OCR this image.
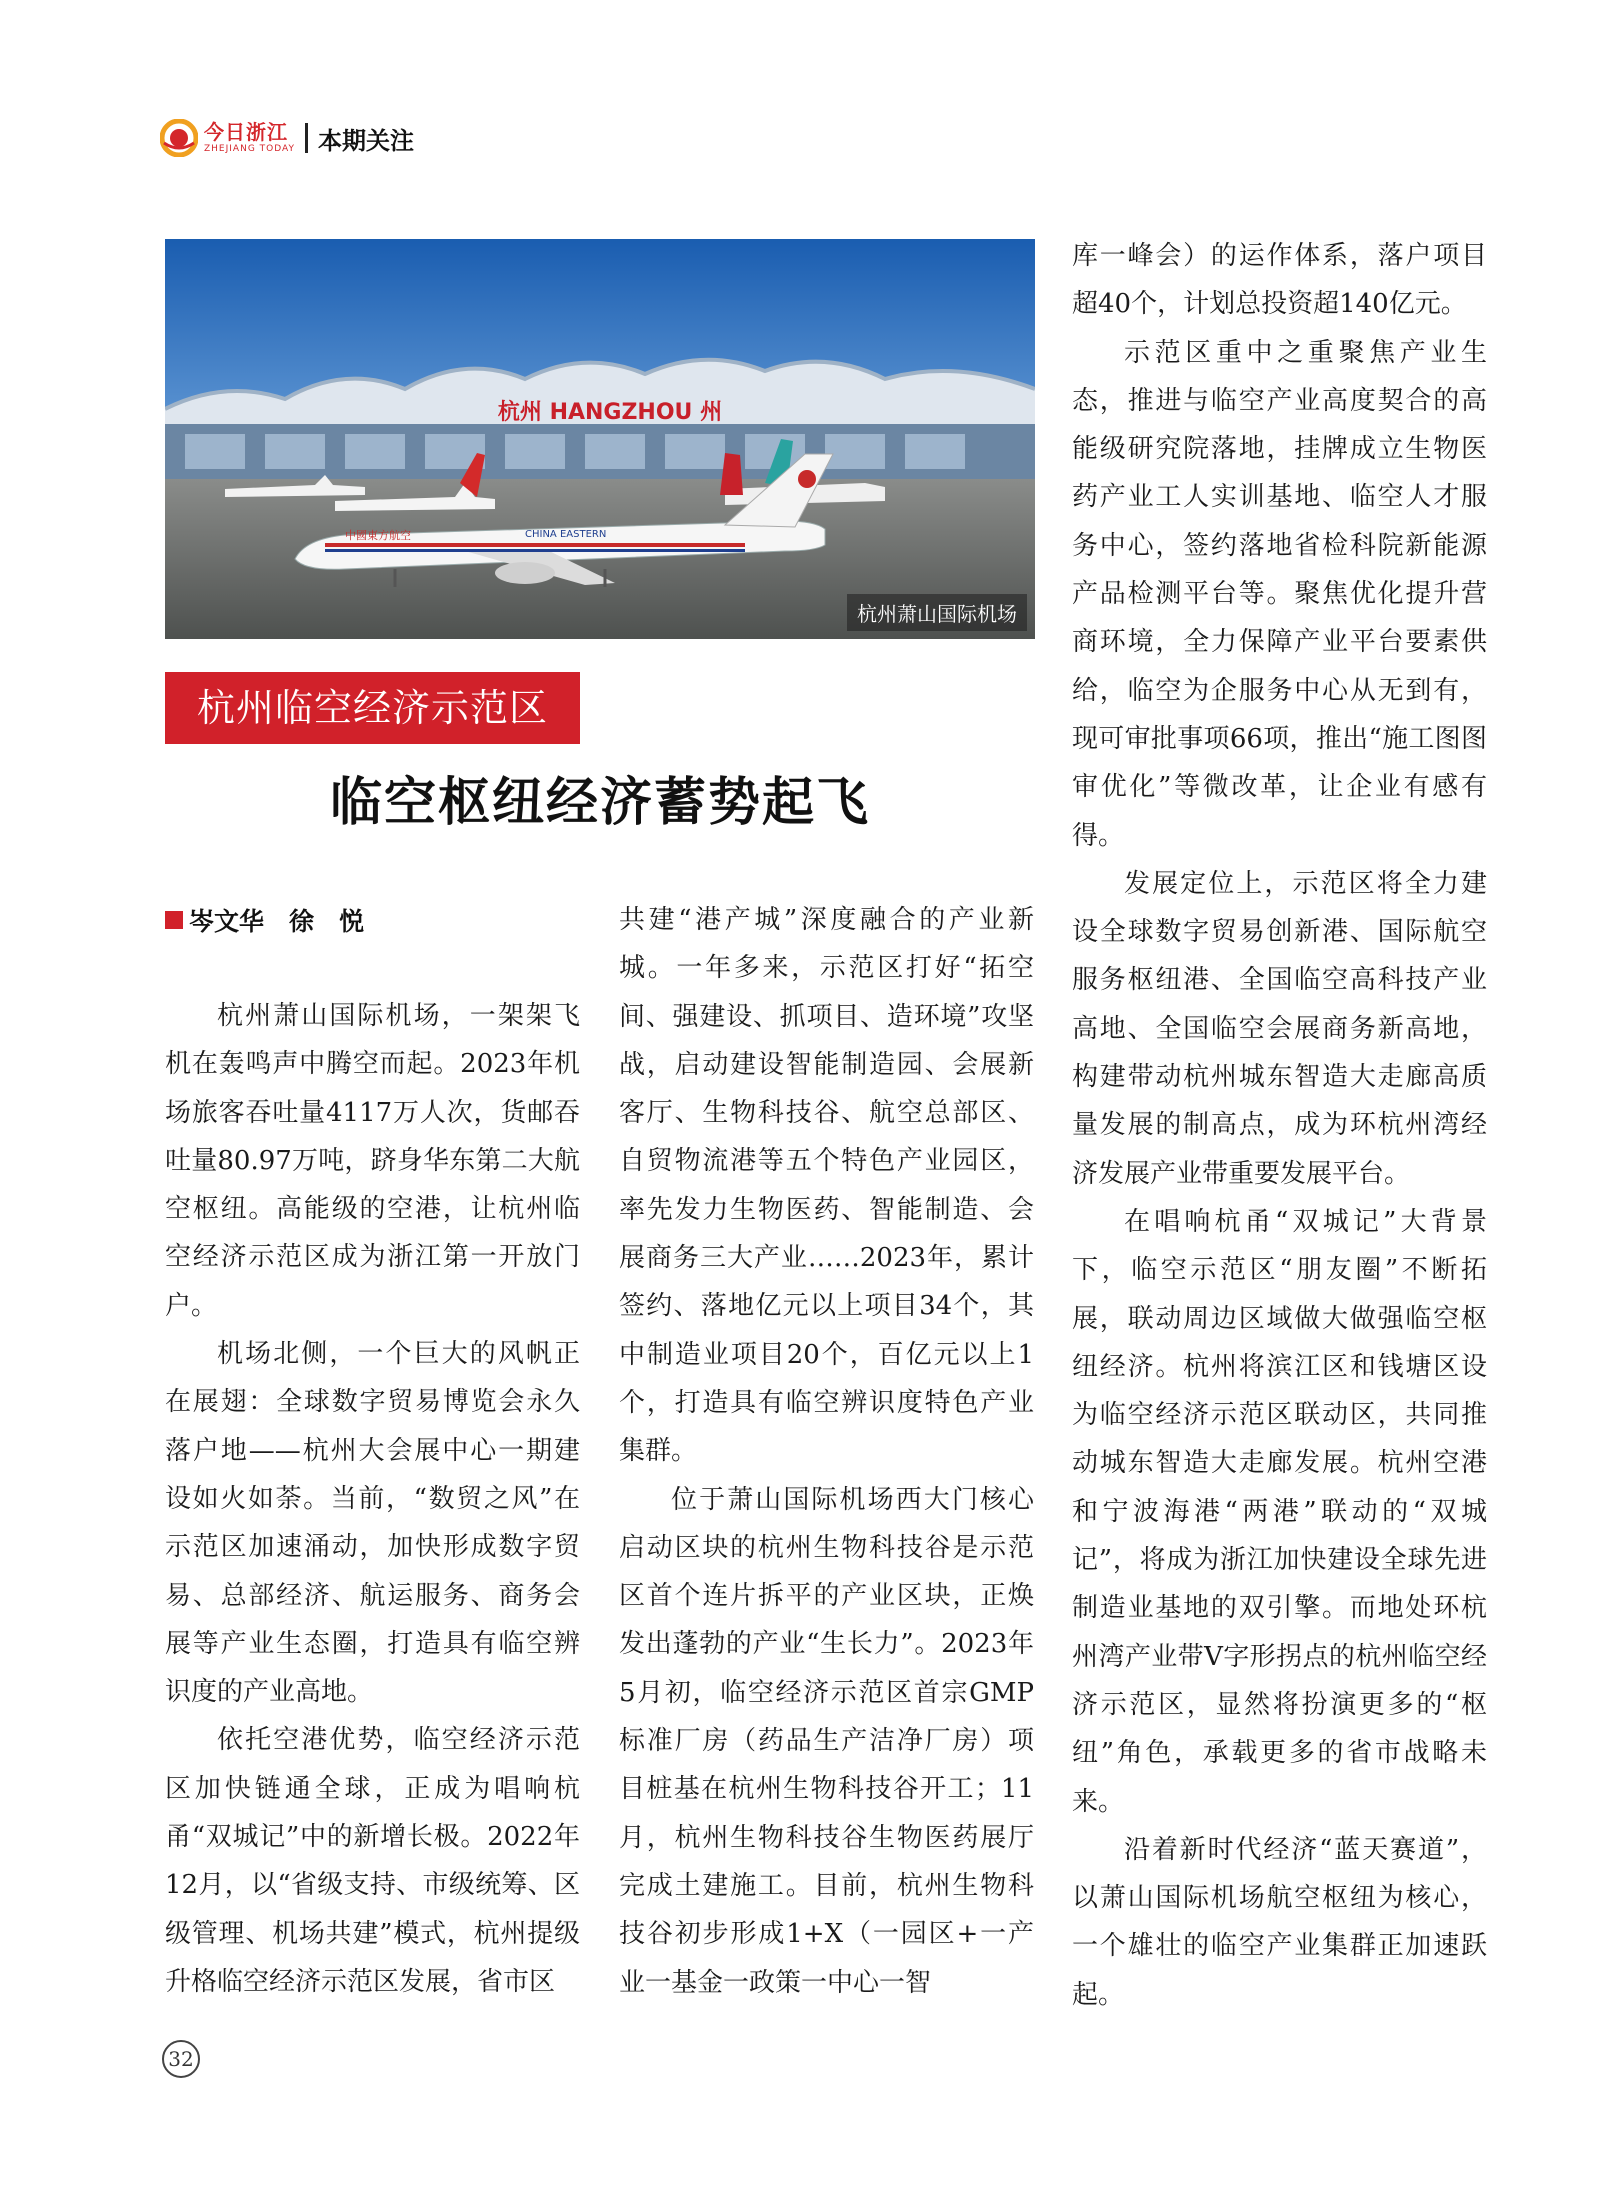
今日浙江
ZHEJIANG TODAY 本期关注
杭州 HANGZHOU 州
中國東方航空	CHINA EASTERN
杭州萧山国际机场
杭州临空经济示范区
临空枢纽经济蓄势起飞
岑文华　徐　悦

杭州萧山国际机场，一架架飞机在轰鸣声中腾空而起。2023年机场旅客吞吐量4117万人次，货邮吞吐量80.97万吨，跻身华东第二大航空枢纽。高能级的空港，让杭州临空经济示范区成为浙江第一开放门户。

机场北侧，一个巨大的风帆正在展翅：全球数字贸易博览会永久落户地——杭州大会展中心一期建设如火如荼。当前，“数贸之风”在示范区加速涌动，加快形成数字贸易、总部经济、航运服务、商务会展等产业生态圈，打造具有临空辨识度的产业高地。

依托空港优势，临空经济示范区加快链通全球，正成为唱响杭甬“双城记”中的新增长极。2022年12月，以“省级支持、市级统筹、区级管理、机场共建”模式，杭州提级升格临空经济示范区发展，省市区

共建“港产城”深度融合的产业新城。一年多来，示范区打好“拓空间、强建设、抓项目、造环境”攻坚战，启动建设智能制造园、会展新客厅、生物科技谷、航空总部区、自贸物流港等五个特色产业园区，率先发力生物医药、智能制造、会展商务三大产业……2023年，累计签约、落地亿元以上项目34个，其中制造业项目20个，百亿元以上1个，打造具有临空辨识度特色产业集群。

位于萧山国际机场西大门核心启动区块的杭州生物科技谷是示范区首个连片拆平的产业区块，正焕发出蓬勃的产业“生长力”。2023年5月初，临空经济示范区首宗GMP标准厂房（药品生产洁净厂房）项目桩基在杭州生物科技谷开工；11月，杭州生物科技谷生物医药展厅完成土建施工。目前，杭州生物科技谷初步形成1+X（一园区+一产业一基金一政策一中心一智

库一峰会）的运作体系，落户项目超40个，计划总投资超140亿元。

示范区重中之重聚焦产业生态，推进与临空产业高度契合的高能级研究院落地，挂牌成立生物医药产业工人实训基地、临空人才服务中心，签约落地省检科院新能源产品检测平台等。聚焦优化提升营商环境，全力保障产业平台要素供给，临空为企服务中心从无到有，现可审批事项66项，推出“施工图图审优化”等微改革，让企业有感有得。

发展定位上，示范区将全力建设全球数字贸易创新港、国际航空服务枢纽港、全国临空高科技产业高地、全国临空会展商务新高地，构建带动杭州城东智造大走廊高质量发展的制高点，成为环杭州湾经济发展产业带重要发展平台。

在唱响杭甬“双城记”大背景下，临空示范区“朋友圈”不断拓展，联动周边区域做大做强临空枢纽经济。杭州将滨江区和钱塘区设为临空经济示范区联动区，共同推动城东智造大走廊发展。杭州空港和宁波海港“两港”联动的“双城记”，将成为浙江加快建设全球先进制造业基地的双引擎。而地处环杭州湾产业带V字形拐点的杭州临空经济示范区，显然将扮演更多的“枢纽”角色，承载更多的省市战略未来。

沿着新时代经济“蓝天赛道”，以萧山国际机场航空枢纽为核心，一个雄壮的临空产业集群正加速跃起。

32
